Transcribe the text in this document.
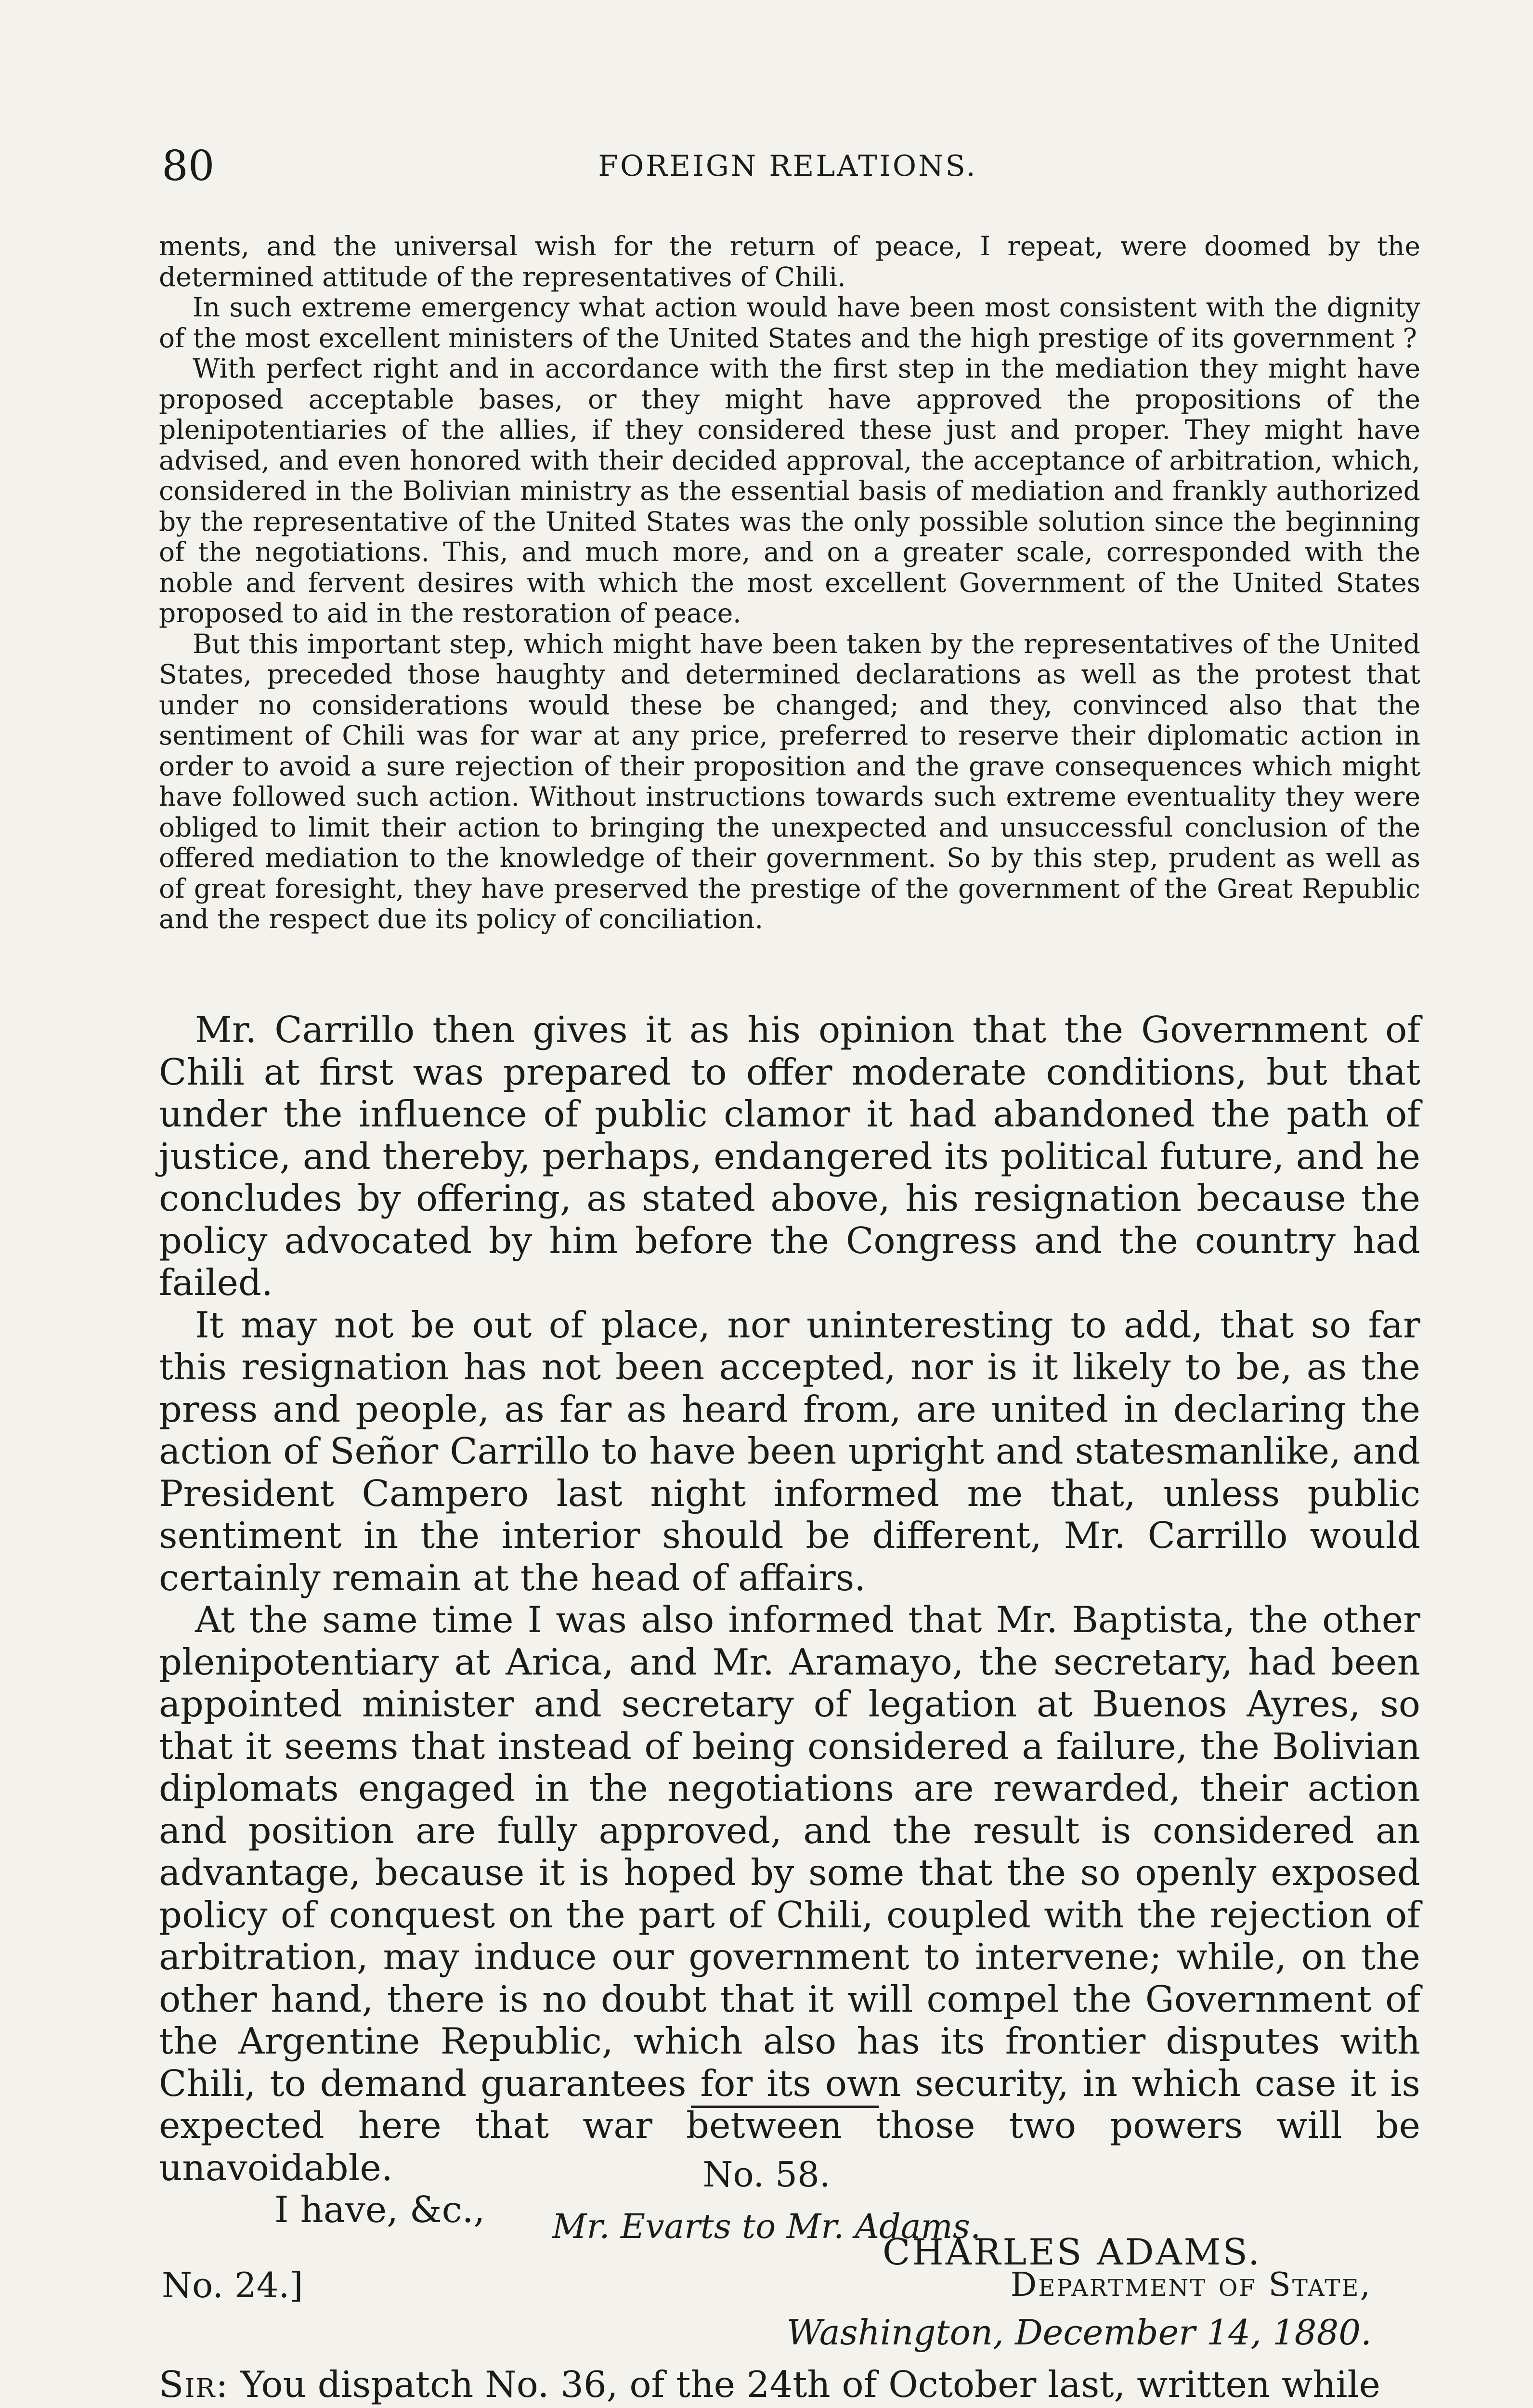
80	FOREIGN RELATIONS.

ments, and the universal wish for the return of peace, I repeat, were doomed by the determined attitude of the representatives of Chili.

In such extreme emergency what action would have been most consistent with the dignity of the most excellent ministers of the United States and the high prestige of its government ?

With perfect right and in accordance with the first step in the mediation they might have proposed acceptable bases, or they might have approved the propositions of the plenipotentiaries of the allies, if they considered these just and proper. They might have advised, and even honored with their decided approval, the acceptance of arbitration, which, considered in the Bolivian ministry as the essential basis of mediation and frankly authorized by the representative of the United States was the only possible solution since the beginning of the negotiations. This, and much more, and on a greater scale, corresponded with the noble and fervent desires with which the most excellent Government of the United States proposed to aid in the restoration of peace.

But this important step, which might have been taken by the representatives of the United States, preceded those haughty and determined declarations as well as the protest that under no considerations would these be changed; and they, convinced also that the sentiment of Chili was for war at any price, preferred to reserve their diplomatic action in order to avoid a sure rejection of their proposition and the grave consequences which might have followed such action. Without instructions towards such extreme eventuality they were obliged to limit their action to bringing the unexpected and unsuccessful conclusion of the offered mediation to the knowledge of their government. So by this step, prudent as well as of great foresight, they have preserved the prestige of the government of the Great Republic and the respect due its policy of conciliation.

Mr. Carrillo then gives it as his opinion that the Government of Chili at first was prepared to offer moderate conditions, but that under the influence of public clamor it had abandoned the path of justice, and thereby, perhaps, endangered its political future, and he concludes by offering, as stated above, his resignation because the policy advocated by him before the Congress and the country had failed.

It may not be out of place, nor uninteresting to add, that so far this resignation has not been accepted, nor is it likely to be, as the press and people, as far as heard from, are united in declaring the action of Señor Carrillo to have been upright and statesmanlike, and President Campero last night informed me that, unless public sentiment in the interior should be different, Mr. Carrillo would certainly remain at the head of affairs.

At the same time I was also informed that Mr. Baptista, the other plenipotentiary at Arica, and Mr. Aramayo, the secretary, had been appointed minister and secretary of legation at Buenos Ayres, so that it seems that instead of being considered a failure, the Bolivian diplomats engaged in the negotiations are rewarded, their action and position are fully approved, and the result is considered an advantage, because it is hoped by some that the so openly exposed policy of conquest on the part of Chili, coupled with the rejection of arbitration, may induce our government to intervene; while, on the other hand, there is no doubt that it will compel the Government of the Argentine Republic, which also has its frontier disputes with Chili, to demand guarantees for its own security, in which case it is expected here that war between those two powers will be unavoidable.

I have, &c.,

CHARLES ADAMS.

No. 58.
Mr. Evarts to Mr. Adams.
No. 24.]	Department of State,
Washington, December 14, 1880.
Sir: You dispatch No. 36, of the 24th of October last, written while
